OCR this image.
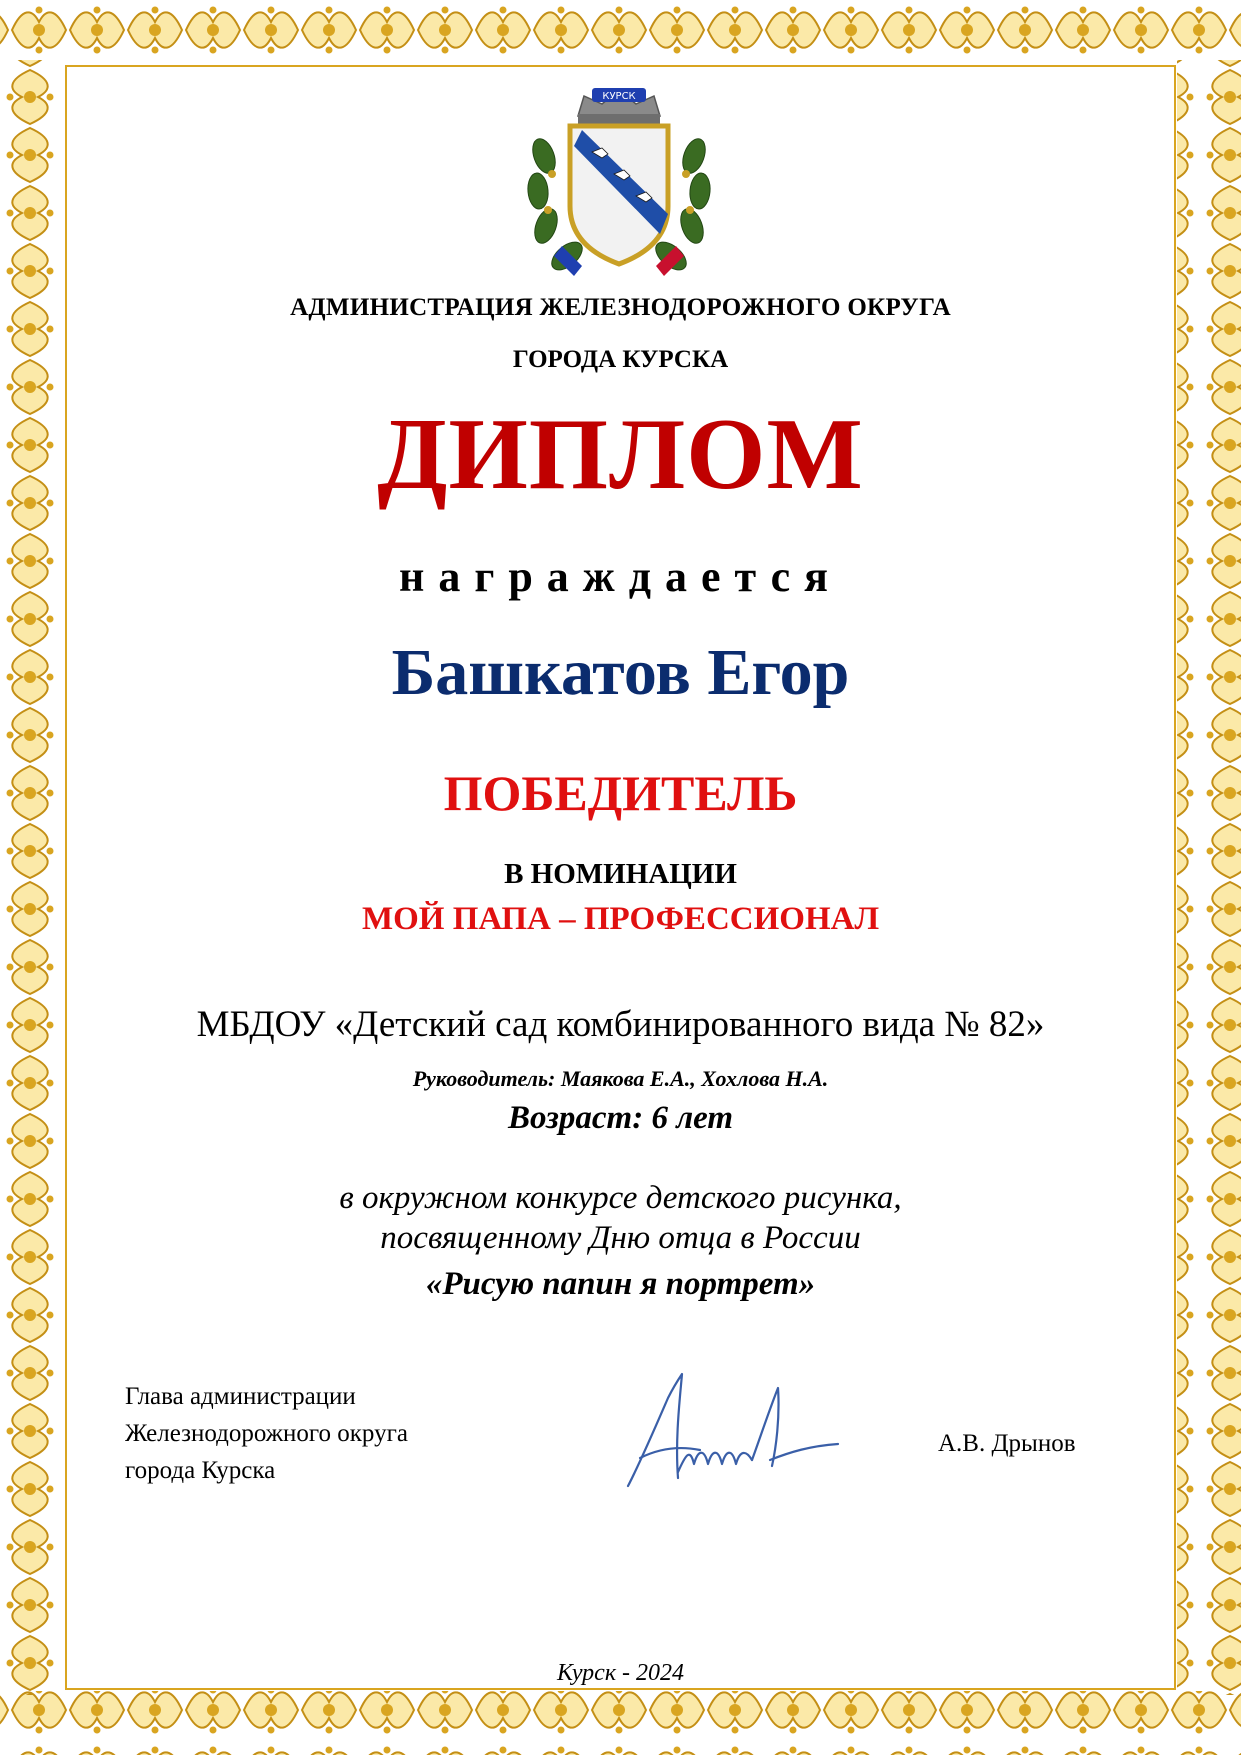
КУРСК

АДМИНИСТРАЦИЯ ЖЕЛЕЗНОДОРОЖНОГО ОКРУГА

ГОРОДА КУРСКА

ДИПЛОМ

награждается

Башкатов Егор

ПОБЕДИТЕЛЬ

В НОМИНАЦИИ

МОЙ ПАПА – ПРОФЕССИОНАЛ

МБДОУ «Детский сад комбинированного вида № 82»

Руководитель: Маякова Е.А., Хохлова Н.А.

Возраст: 6 лет

в окружном конкурсе детского рисунка,

посвященному Дню отца в России

«Рисую папин я портрет»

Глава администрации
Железнодорожного округа
города Курска
А.В. Дрынов

Курск - 2024
